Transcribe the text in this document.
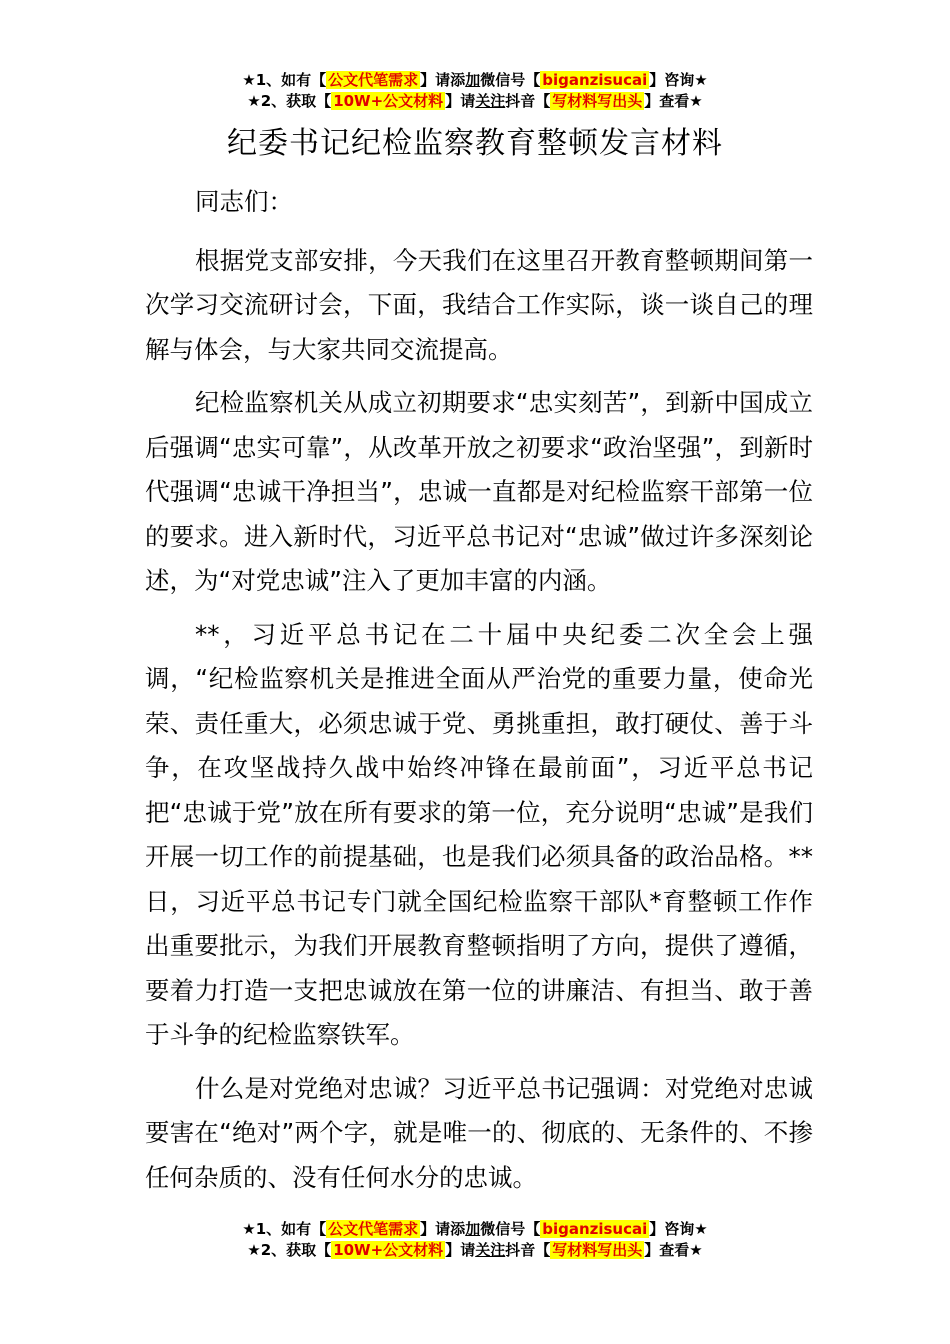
★1、如有【 公文代笔需求 】请添加微信号【 biganzisucai 】咨询★
★2、获取【 10W+公文材料 】请关注抖音【 写材料写出头 】查看★
纪委书记纪检监察教育整顿发言材料

同志们：

根据党支部安排，今天我们在这里召开教育整顿期间第一次学习交流研讨会，下面，我结合工作实际，谈一谈自己的理解与体会，与大家共同交流提高。

纪检监察机关从成立初期要求“忠实刻苦”，到新中国成立后强调“忠实可靠”，从改革开放之初要求“政治坚强”，到新时代强调“忠诚干净担当”，忠诚一直都是对纪检监察干部第一位的要求。进入新时代，习近平总书记对“忠诚”做过许多深刻论述，为“对党忠诚”注入了更加丰富的内涵。

**，习近平总书记在二十届中央纪委二次全会上强调，“纪检监察机关是推进全面从严治党的重要力量，使命光荣、责任重大，必须忠诚于党、勇挑重担，敢打硬仗、善于斗争，在攻坚战持久战中始终冲锋在最前面”，习近平总书记把“忠诚于党”放在所有要求的第一位，充分说明“忠诚”是我们开展一切工作的前提基础，也是我们必须具备的政治品格。**日，习近平总书记专门就全国纪检监察干部队*育整顿工作作出重要批示，为我们开展教育整顿指明了方向，提供了遵循，要着力打造一支把忠诚放在第一位的讲廉洁、有担当、敢于善于斗争的纪检监察铁军。

什么是对党绝对忠诚？习近平总书记强调：对党绝对忠诚要害在“绝对”两个字，就是唯一的、彻底的、无条件的、不掺任何杂质的、没有任何水分的忠诚。

★1、如有【 公文代笔需求 】请添加微信号【 biganzisucai 】咨询★
★2、获取【 10W+公文材料 】请关注抖音【 写材料写出头 】查看★
